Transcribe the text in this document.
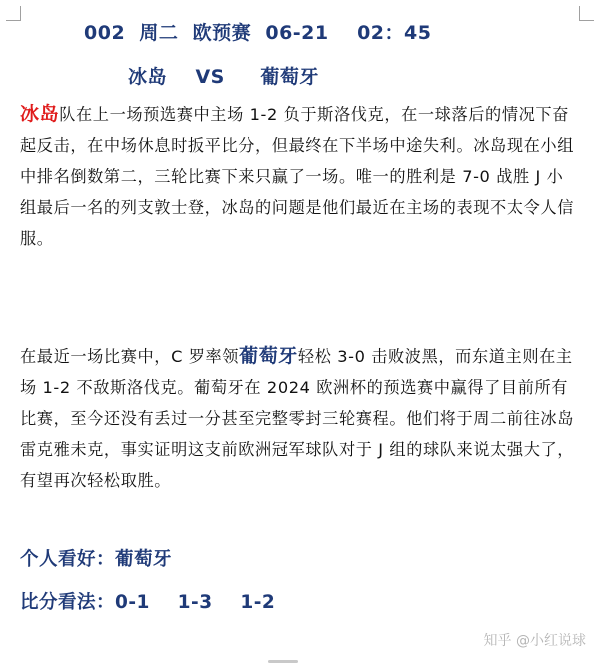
002  周二  欧预赛  06-21    02：45
冰岛    VS     葡萄牙
冰岛队在上一场预选赛中主场 1-2 负于斯洛伐克，在一球落后的情况下奋起反击，在中场休息时扳平比分，但最终在下半场中途失利。冰岛现在小组中排名倒数第二，三轮比赛下来只赢了一场。唯一的胜利是 7-0 战胜 J 小组最后一名的列支敦士登，冰岛的问题是他们最近在主场的表现不太令人信服。
在最近一场比赛中，C 罗率领葡萄牙轻松 3-0 击败波黑，而东道主则在主场 1-2 不敌斯洛伐克。葡萄牙在 2024 欧洲杯的预选赛中赢得了目前所有比赛，至今还没有丢过一分甚至完整零封三轮赛程。他们将于周二前往冰岛雷克雅未克，事实证明这支前欧洲冠军球队对于 J 组的球队来说太强大了，有望再次轻松取胜。
个人看好：葡萄牙
比分看法：0-1    1-3    1-2
知乎 @小红说球
